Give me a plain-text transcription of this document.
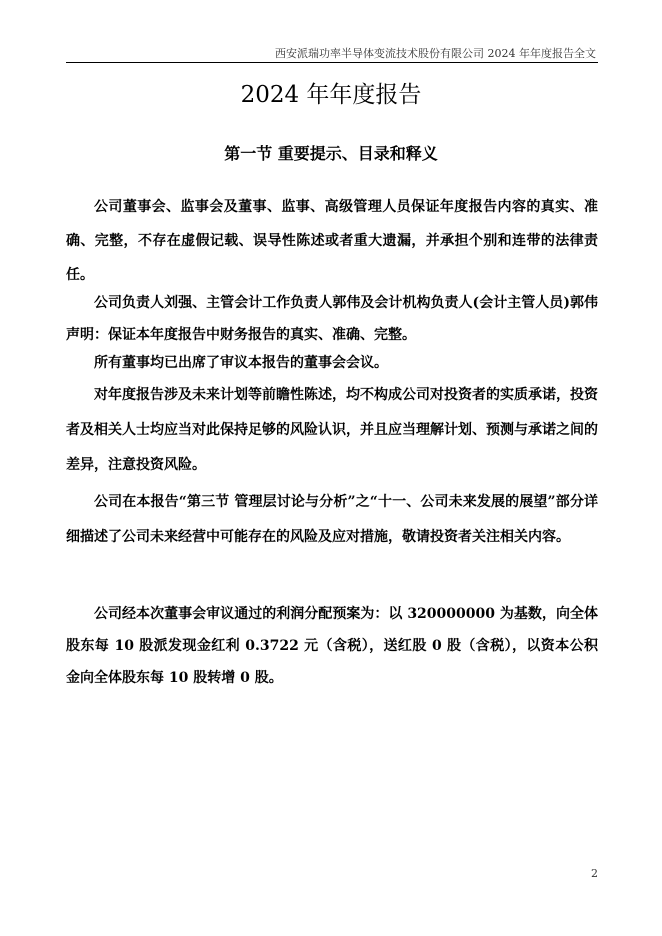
西安派瑞功率半导体变流技术股份有限公司 2024 年年度报告全文
2024 年年度报告
第一节 重要提示、目录和释义

公司董事会、监事会及董事、监事、高级管理人员保证年度报告内容的真实、准确、完整，不存在虚假记载、误导性陈述或者重大遗漏，并承担个别和连带的法律责任。

公司负责人刘强、主管会计工作负责人郭伟及会计机构负责人(会计主管人员)郭伟声明：保证本年度报告中财务报告的真实、准确、完整。

所有董事均已出席了审议本报告的董事会会议。

对年度报告涉及未来计划等前瞻性陈述，均不构成公司对投资者的实质承诺，投资者及相关人士均应当对此保持足够的风险认识，并且应当理解计划、预测与承诺之间的差异，注意投资风险。

公司在本报告“第三节 管理层讨论与分析”之“十一、公司未来发展的展望”部分详细描述了公司未来经营中可能存在的风险及应对措施，敬请投资者关注相关内容。

公司经本次董事会审议通过的利润分配预案为：以 320000000 为基数，向全体股东每 10 股派发现金红利 0.3722 元（含税），送红股 0 股（含税），以资本公积金向全体股东每 10 股转增 0 股。

2
